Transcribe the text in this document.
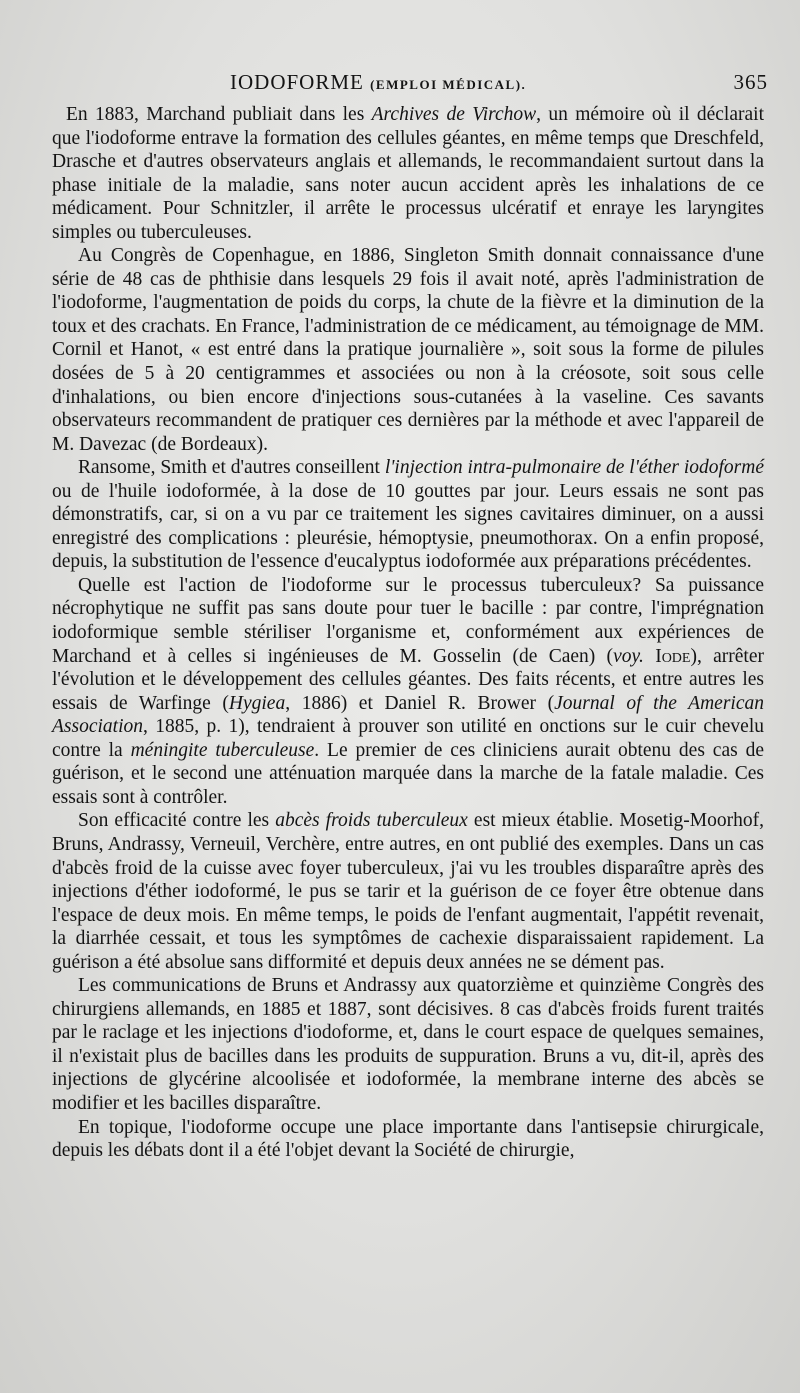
IODOFORME (EMPLOI MÉDICAL).	365

En 1883, Marchand publiait dans les Archives de Virchow, un mémoire où il déclarait que l'iodoforme entrave la formation des cellules géantes, en même temps que Dreschfeld, Drasche et d'autres observateurs anglais et allemands, le recommandaient surtout dans la phase initiale de la maladie, sans noter aucun accident après les inhalations de ce médicament. Pour Schnitzler, il arrête le processus ulcératif et enraye les laryngites simples ou tuberculeuses.

Au Congrès de Copenhague, en 1886, Singleton Smith donnait connaissance d'une série de 48 cas de phthisie dans lesquels 29 fois il avait noté, après l'administration de l'iodoforme, l'augmentation de poids du corps, la chute de la fièvre et la diminution de la toux et des crachats. En France, l'administration de ce médicament, au témoignage de MM. Cornil et Hanot, « est entré dans la pratique journalière », soit sous la forme de pilules dosées de 5 à 20 centigrammes et associées ou non à la créosote, soit sous celle d'inhalations, ou bien encore d'injections sous-cutanées à la vaseline. Ces savants observateurs recommandent de pratiquer ces dernières par la méthode et avec l'appareil de M. Davezac (de Bordeaux).

Ransome, Smith et d'autres conseillent l'injection intra-pulmonaire de l'éther iodoformé ou de l'huile iodoformée, à la dose de 10 gouttes par jour. Leurs essais ne sont pas démonstratifs, car, si on a vu par ce traitement les signes cavitaires diminuer, on a aussi enregistré des complications : pleurésie, hémoptysie, pneumothorax. On a enfin proposé, depuis, la substitution de l'essence d'eucalyptus iodoformée aux préparations précédentes.

Quelle est l'action de l'iodoforme sur le processus tuberculeux? Sa puissance nécrophytique ne suffit pas sans doute pour tuer le bacille : par contre, l'imprégnation iodoformique semble stériliser l'organisme et, conformément aux expériences de Marchand et à celles si ingénieuses de M. Gosselin (de Caen) (voy. Iode), arrêter l'évolution et le développement des cellules géantes. Des faits récents, et entre autres les essais de Warfinge (Hygiea, 1886) et Daniel R. Brower (Journal of the American Association, 1885, p. 1), tendraient à prouver son utilité en onctions sur le cuir chevelu contre la méningite tuberculeuse. Le premier de ces cliniciens aurait obtenu des cas de guérison, et le second une atténuation marquée dans la marche de la fatale maladie. Ces essais sont à contrôler.

Son efficacité contre les abcès froids tuberculeux est mieux établie. Mosetig-Moorhof, Bruns, Andrassy, Verneuil, Verchère, entre autres, en ont publié des exemples. Dans un cas d'abcès froid de la cuisse avec foyer tuberculeux, j'ai vu les troubles disparaître après des injections d'éther iodoformé, le pus se tarir et la guérison de ce foyer être obtenue dans l'espace de deux mois. En même temps, le poids de l'enfant augmentait, l'appétit revenait, la diarrhée cessait, et tous les symptômes de cachexie disparaissaient rapidement. La guérison a été absolue sans difformité et depuis deux années ne se dément pas.

Les communications de Bruns et Andrassy aux quatorzième et quinzième Congrès des chirurgiens allemands, en 1885 et 1887, sont décisives. 8 cas d'abcès froids furent traités par le raclage et les injections d'iodoforme, et, dans le court espace de quelques semaines, il n'existait plus de bacilles dans les produits de suppuration. Bruns a vu, dit-il, après des injections de glycérine alcoolisée et iodoformée, la membrane interne des abcès se modifier et les bacilles disparaître.

En topique, l'iodoforme occupe une place importante dans l'antisepsie chirurgicale, depuis les débats dont il a été l'objet devant la Société de chirurgie,
